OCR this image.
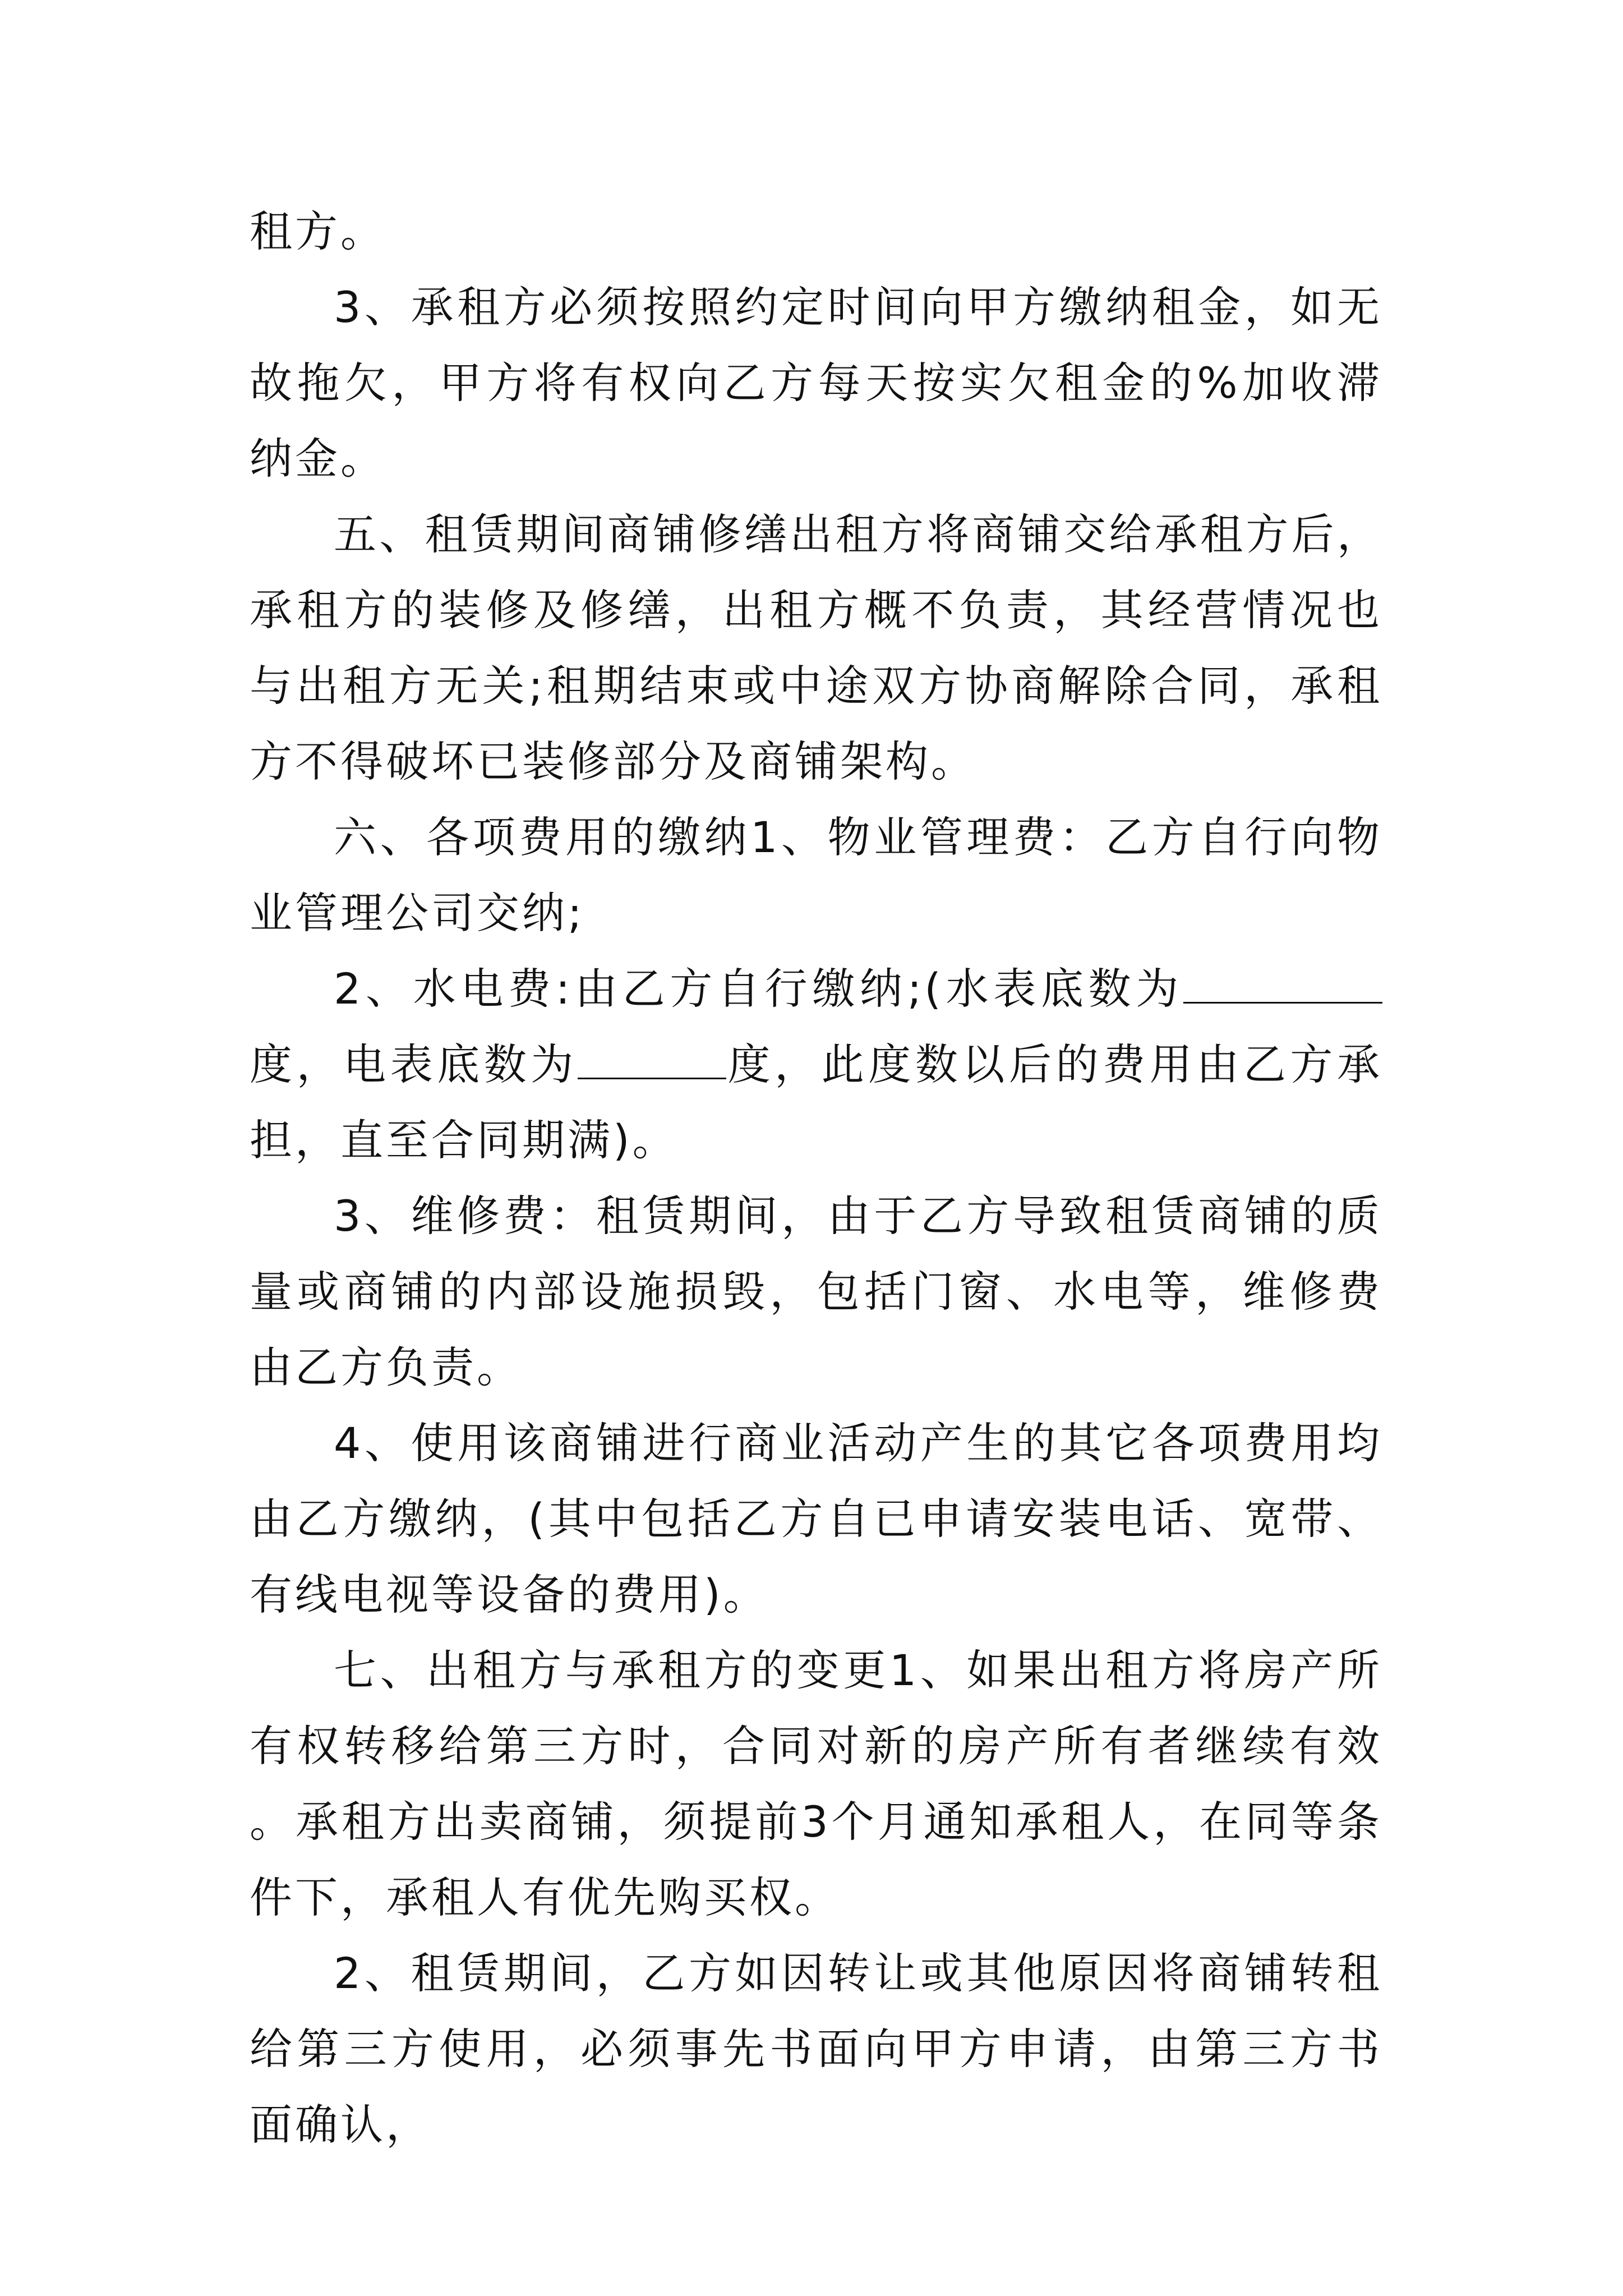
租方。

3、承租方必须按照约定时间向甲方缴纳租金，如无故拖欠，甲方将有权向乙方每天按实欠租金的%加收滞纳金。

五、租赁期间商铺修缮出租方将商铺交给承租方后，承租方的装修及修缮，出租方概不负责，其经营情况也与出租方无关;租期结束或中途双方协商解除合同，承租方不得破坏已装修部分及商铺架构。

六、各项费用的缴纳1、物业管理费：乙方自行向物业管理公司交纳;

2、水电费:由乙方自行缴纳;(水表底数为度，电表底数为	度，此度数以后的费用由乙方承担，直至合同期满)。

3、维修费：租赁期间，由于乙方导致租赁商铺的质量或商铺的内部设施损毁，包括门窗、水电等，维修费由乙方负责。

4、使用该商铺进行商业活动产生的其它各项费用均由乙方缴纳，(其中包括乙方自已申请安装电话、宽带、有线电视等设备的费用)。

七、出租方与承租方的变更1、如果出租方将房产所有权转移给第三方时，合同对新的房产所有者继续有效。承租方出卖商铺，须提前3个月通知承租人，在同等条件下，承租人有优先购买权。

2、租赁期间，乙方如因转让或其他原因将商铺转租给第三方使用，必须事先书面向甲方申请，由第三方书面确认，
